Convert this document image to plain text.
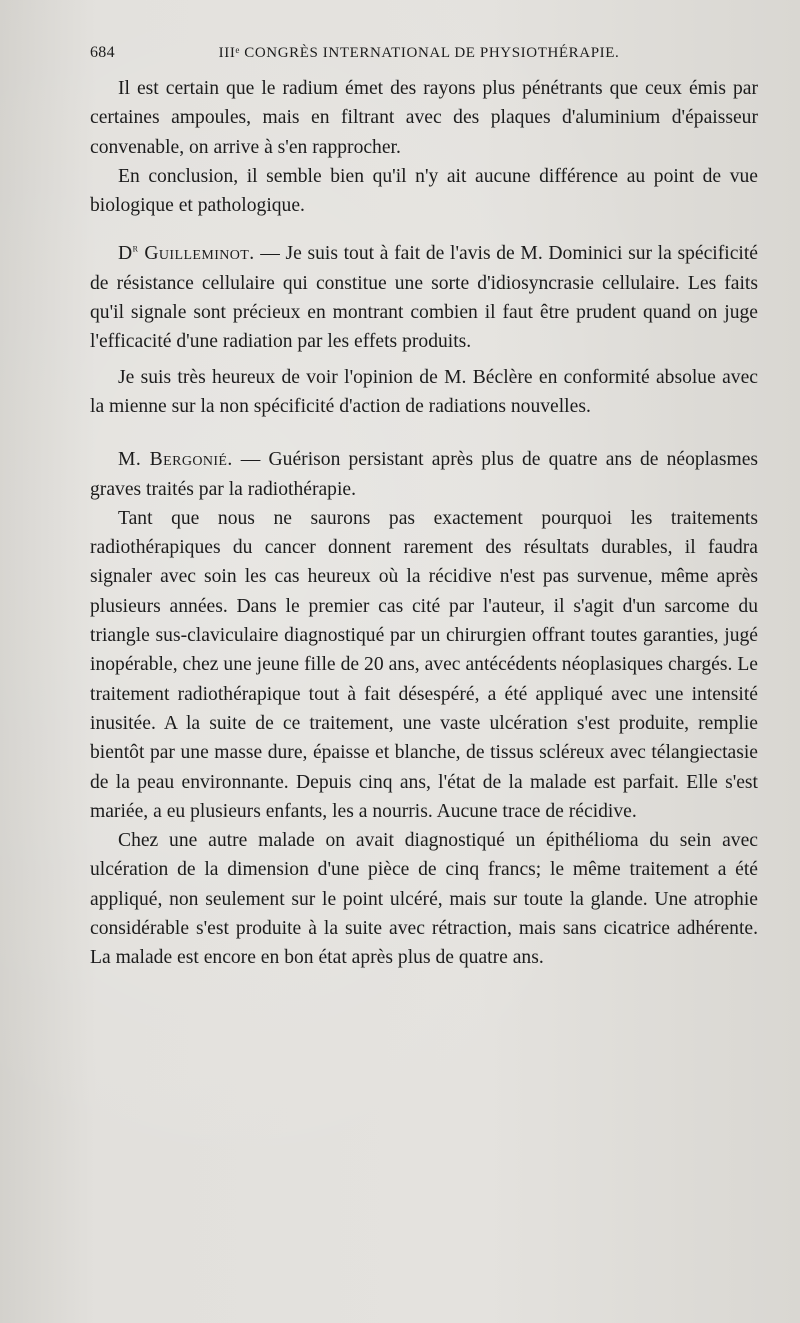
684	IIIᵉ CONGRÈS INTERNATIONAL DE PHYSIOTHÉRAPIE.

Il est certain que le radium émet des rayons plus pénétrants que ceux émis par certaines ampoules, mais en filtrant avec des plaques d'aluminium d'épaisseur convenable, on arrive à s'en rapprocher.

En conclusion, il semble bien qu'il n'y ait aucune différence au point de vue biologique et pathologique.

$D^r$ Guilleminot. — Je suis tout à fait de l'avis de M. Dominici sur la spécificité de résistance cellulaire qui constitue une sorte d'idiosyncrasie cellulaire. Les faits qu'il signale sont précieux en montrant combien il faut être prudent quand on juge l'efficacité d'une radiation par les effets produits.

Je suis très heureux de voir l'opinion de M. Béclère en conformité absolue avec la mienne sur la non spécificité d'action de radiations nouvelles.

M. Bergonié. — Guérison persistant après plus de quatre ans de néoplasmes graves traités par la radiothérapie.

Tant que nous ne saurons pas exactement pourquoi les traitements radiothérapiques du cancer donnent rarement des résultats durables, il faudra signaler avec soin les cas heureux où la récidive n'est pas survenue, même après plusieurs années. Dans le premier cas cité par l'auteur, il s'agit d'un sarcome du triangle sus-claviculaire diagnostiqué par un chirurgien offrant toutes garanties, jugé inopérable, chez une jeune fille de 20 ans, avec antécédents néoplasiques chargés. Le traitement radiothérapique tout à fait désespéré, a été appliqué avec une intensité inusitée. A la suite de ce traitement, une vaste ulcération s'est produite, remplie bientôt par une masse dure, épaisse et blanche, de tissus scléreux avec télangiectasie de la peau environnante. Depuis cinq ans, l'état de la malade est parfait. Elle s'est mariée, a eu plusieurs enfants, les a nourris. Aucune trace de récidive.

Chez une autre malade on avait diagnostiqué un épithélioma du sein avec ulcération de la dimension d'une pièce de cinq francs; le même traitement a été appliqué, non seulement sur le point ulcéré, mais sur toute la glande. Une atrophie considérable s'est produite à la suite avec rétraction, mais sans cicatrice adhérente. La malade est encore en bon état après plus de quatre ans.
